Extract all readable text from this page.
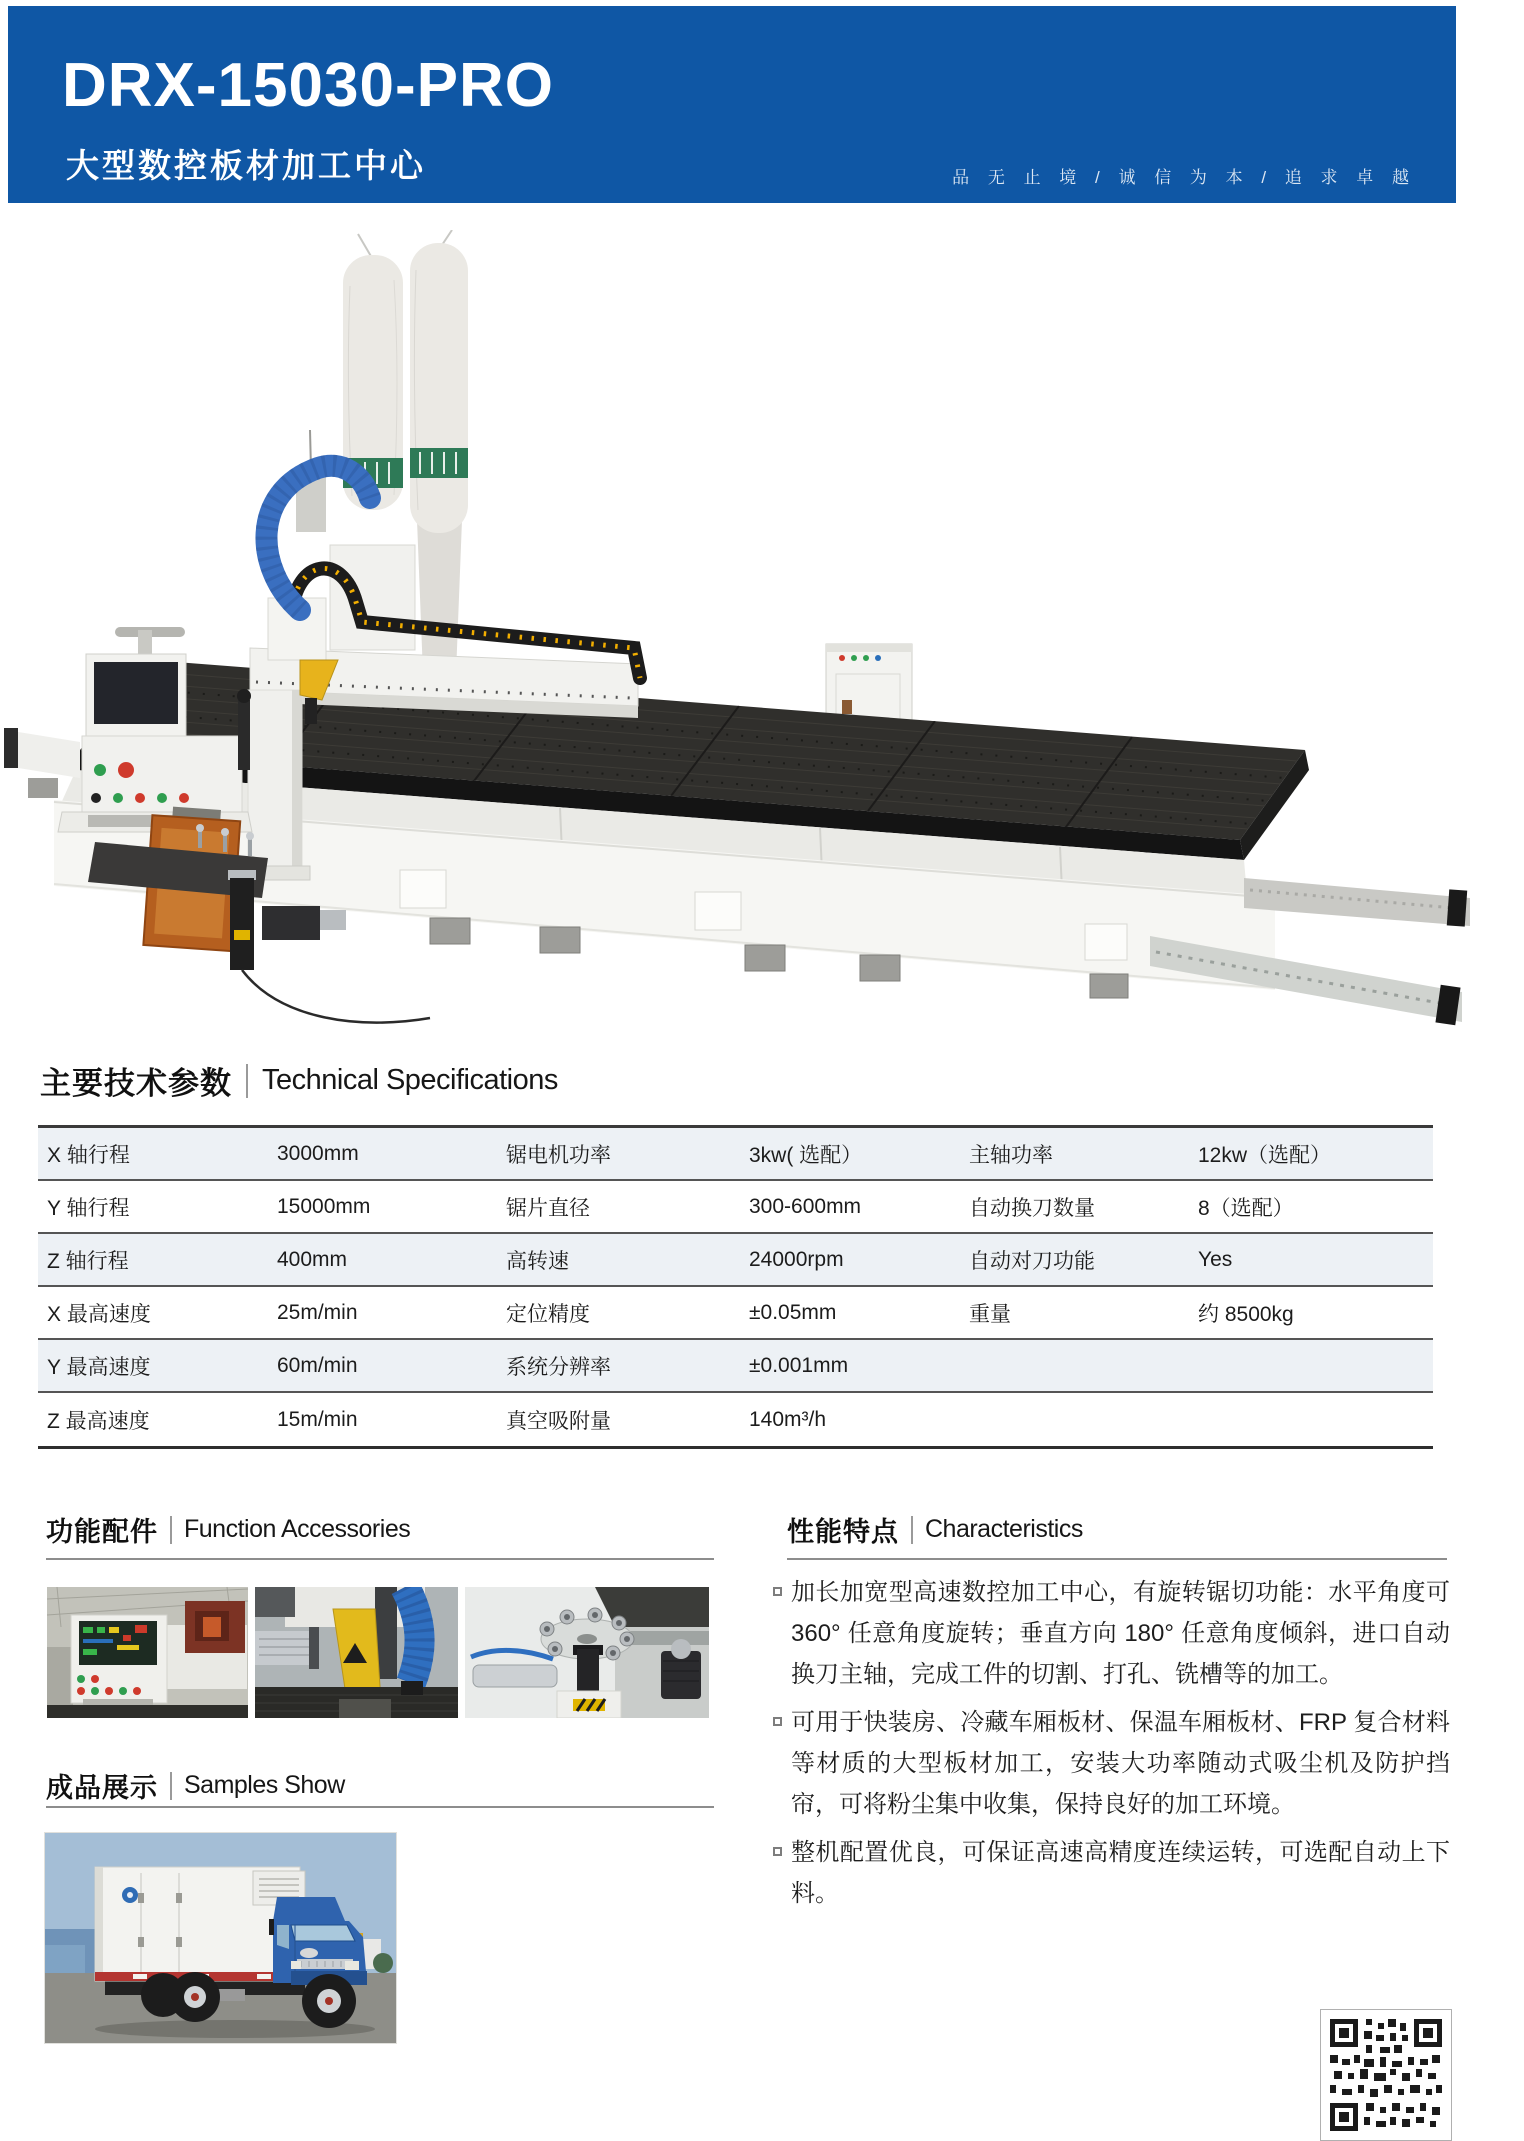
DRX-15030-PRO
大型数控板材加工中心	品 无 止 境 / 诚 信 为 本 / 追 求 卓 越
主要技术参数 Technical Specifications
X 轴行程	3000mm	锯电机功率	3kw( 选配）	主轴功率	12kw（选配）
Y 轴行程	15000mm	锯片直径	300-600mm	自动换刀数量	8（选配）
Z 轴行程	400mm	高转速	24000rpm	自动对刀功能	Yes
X 最高速度	25m/min	定位精度	±0.05mm	重量	约 8500kg
Y 最高速度	60m/min	系统分辨率	±0.001mm
Z 最高速度	15m/min	真空吸附量	140m³/h
功能配件 Function Accessories
成品展示 Samples Show
性能特点 Characteristics
加长加宽型高速数控加工中心，有旋转锯切功能：水平角度可 360° 任意角度旋转；垂直方向 180° 任意角度倾斜，进口自动换刀主轴，完成工件的切割、打孔、铣槽等的加工。
可用于快装房、冷藏车厢板材、保温车厢板材、FRP 复合材料等材质的大型板材加工，安装大功率随动式吸尘机及防护挡帘，可将粉尘集中收集，保持良好的加工环境。
整机配置优良，可保证高速高精度连续运转，可选配自动上下料。
